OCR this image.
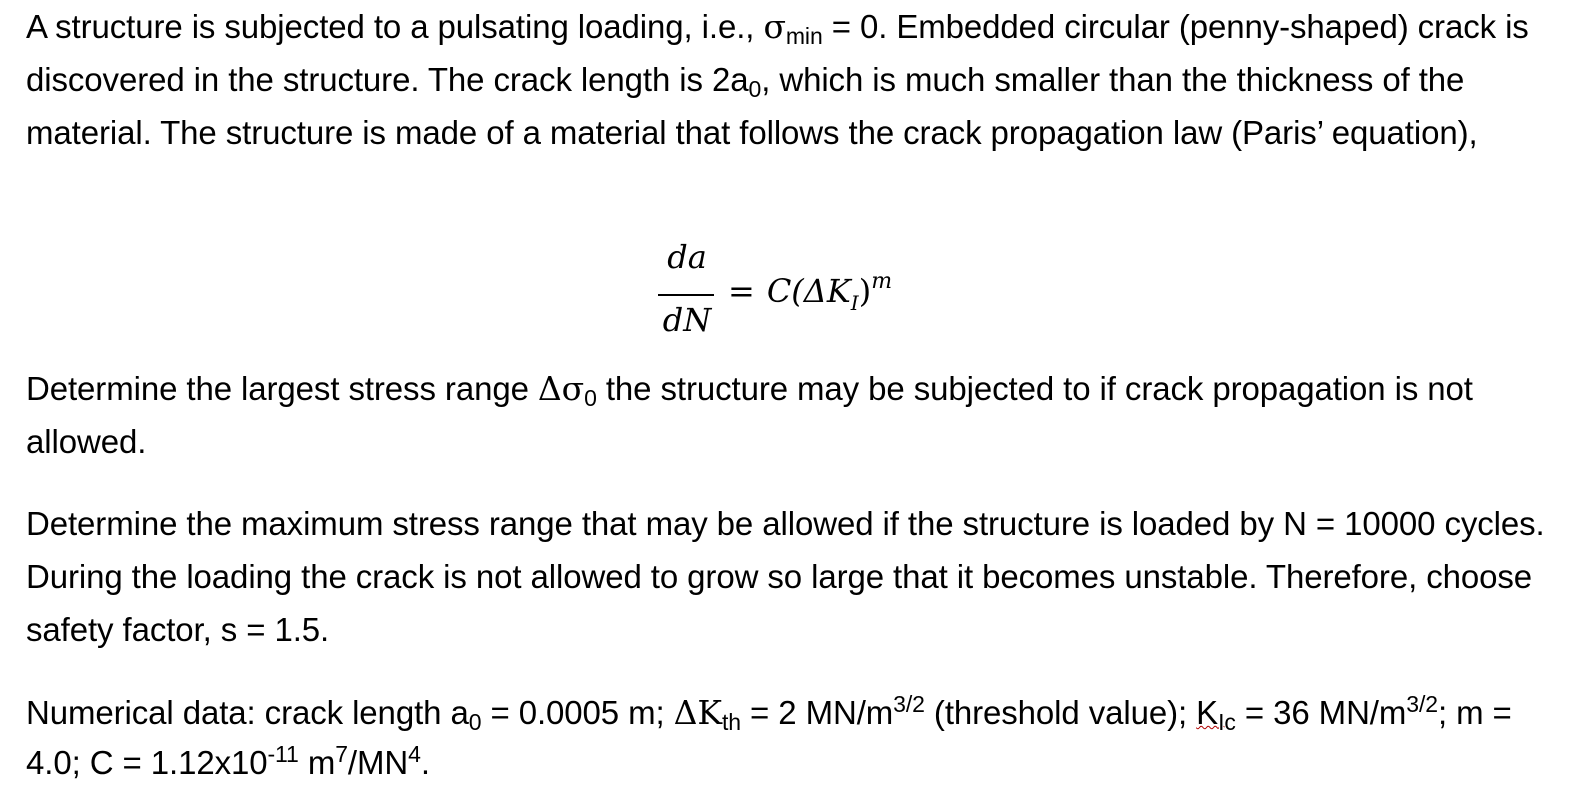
A structure is subjected to a pulsating loading, i.e., $\sigma_{min} = 0$. Embedded circular (penny-shaped) crack is discovered in the structure. The crack length is $2a_0$, which is much smaller than the thickness of the material. The structure is made of a material that follows the crack propagation law (Paris’ equation),

da
dN
= $C(\Delta K_I)^m$

Determine the largest stress range $\Delta\sigma_0$ the structure may be subjected to if crack propagation is not allowed.

Determine the maximum stress range that may be allowed if the structure is loaded by N = 10000 cycles. During the loading the crack is not allowed to grow so large that it becomes unstable. Therefore, choose safety factor, s = 1.5.

Numerical data: crack length $a_0 = 0.0005$ m; $\Delta K_{th} = 2$ $MN/m^{3/2}$ (threshold value); $K_{Ic} = 36$ $MN/m^{3/2}$; m = 4.0; $C = 1.12x10^{-11}$ $m^7/MN^4$.
